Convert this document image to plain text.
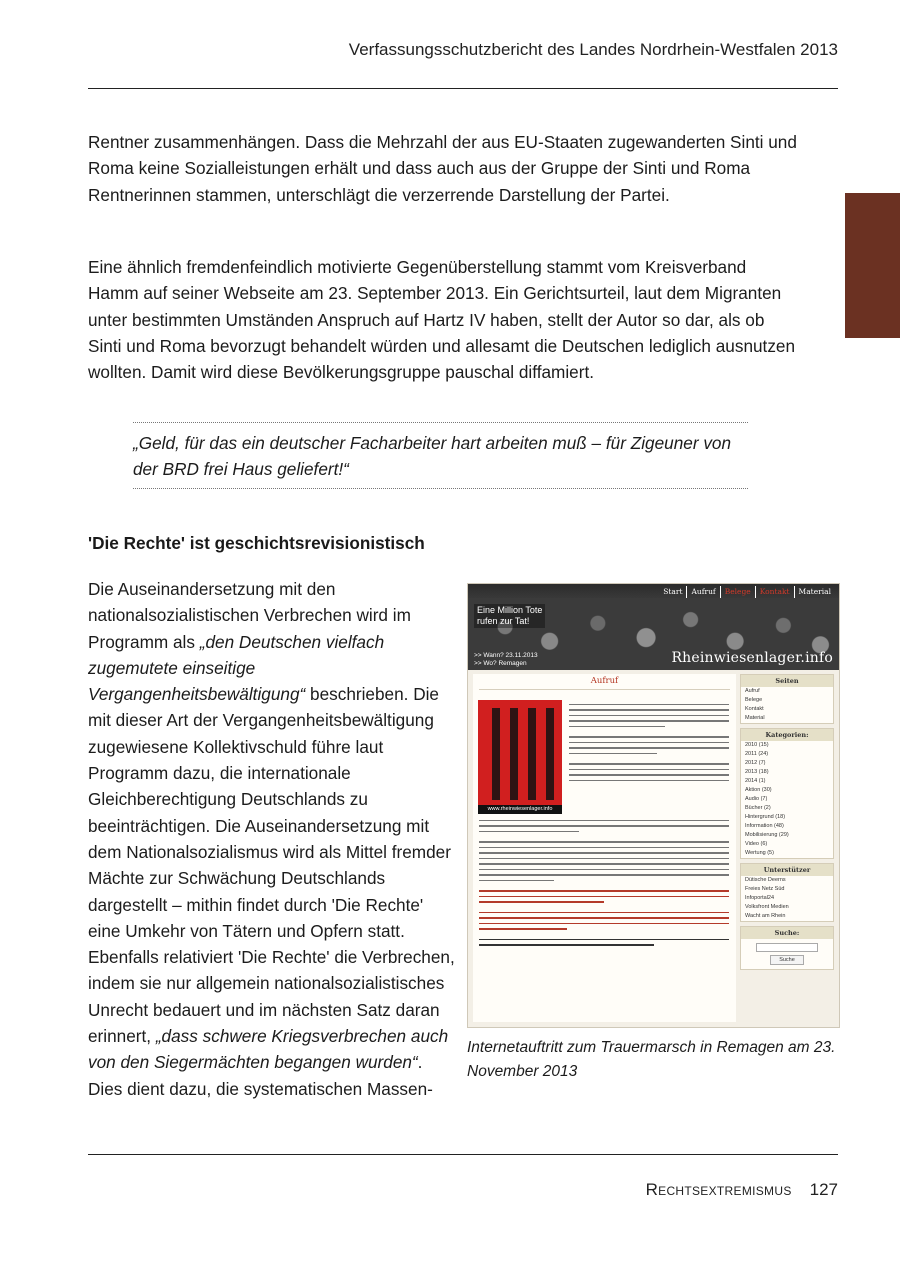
Verfassungsschutzbericht des Landes Nordrhein-Westfalen 2013

Rentner zusammenhängen. Dass die Mehrzahl der aus EU-Staaten zugewanderten Sinti und Roma keine Sozialleistungen erhält und dass auch aus der Gruppe der Sinti und Roma Rentnerinnen stammen, unterschlägt die verzerrende Darstellung der Partei.

Eine ähnlich fremdenfeindlich motivierte Gegenüberstellung stammt vom Kreisverband Hamm auf seiner Webseite am 23. September 2013. Ein Gerichtsurteil, laut dem Migranten unter bestimmten Umständen Anspruch auf Hartz IV haben, stellt der Autor so dar, als ob Sinti und Roma bevorzugt behandelt würden und allesamt die Deutschen lediglich ausnutzen wollten. Damit wird diese Bevölkerungsgruppe pauschal diffamiert.

„Geld, für das ein deutscher Facharbeiter hart arbeiten muß – für Zigeuner von der BRD frei Haus geliefert!“

'Die Rechte' ist geschichtsrevisionistisch

Die Auseinandersetzung mit den nationalsozialistischen Verbrechen wird im Programm als „den Deutschen vielfach zugemutete einseitige Vergangenheitsbewältigung“ beschrieben. Die mit dieser Art der Vergangenheitsbewältigung zugewiesene Kollektivschuld führe laut Programm dazu, die internationale Gleichberechtigung Deutschlands zu beeinträchtigen. Die Auseinandersetzung mit dem Nationalsozialismus wird als Mittel fremder Mächte zur Schwächung Deutschlands dargestellt – mithin findet durch 'Die Rechte' eine Umkehr von Tätern und Opfern statt. Ebenfalls relativiert 'Die Rechte' die Verbrechen, indem sie nur allgemein nationalsozialistisches Unrecht bedauert und im nächsten Satz daran erinnert, „dass schwere Kriegsverbrechen auch von den Siegermächten begangen wurden“. Dies dient dazu, die systematischen Massen-

Start	Aufruf	Belege	Kontakt	Material
Eine Million Tote
rufen zur Tat!
>> Wann? 23.11.2013
>> Wo? Remagen	Rheinwiesenlager.info
Aufruf
www.rheinwiesenlager.info
Seiten
Aufruf
Belege
Kontakt
Material
Kategorien:
2010 (15)
2011 (24)
2012 (7)
2013 (18)
2014 (1)
Aktion (30)
Audio (7)
Bücher (2)
Hintergrund (18)
Information (48)
Mobilisierung (29)
Video (6)
Wertung (5)
Unterstützer
Dütische Deerns
Freies Netz Süd
Infoportal24
Volksfront Medien
Wacht am Rhein
Suche:
Suche

Internetauftritt zum Trauermarsch in Remagen am 23. November 2013

Rechtsextremismus 127
